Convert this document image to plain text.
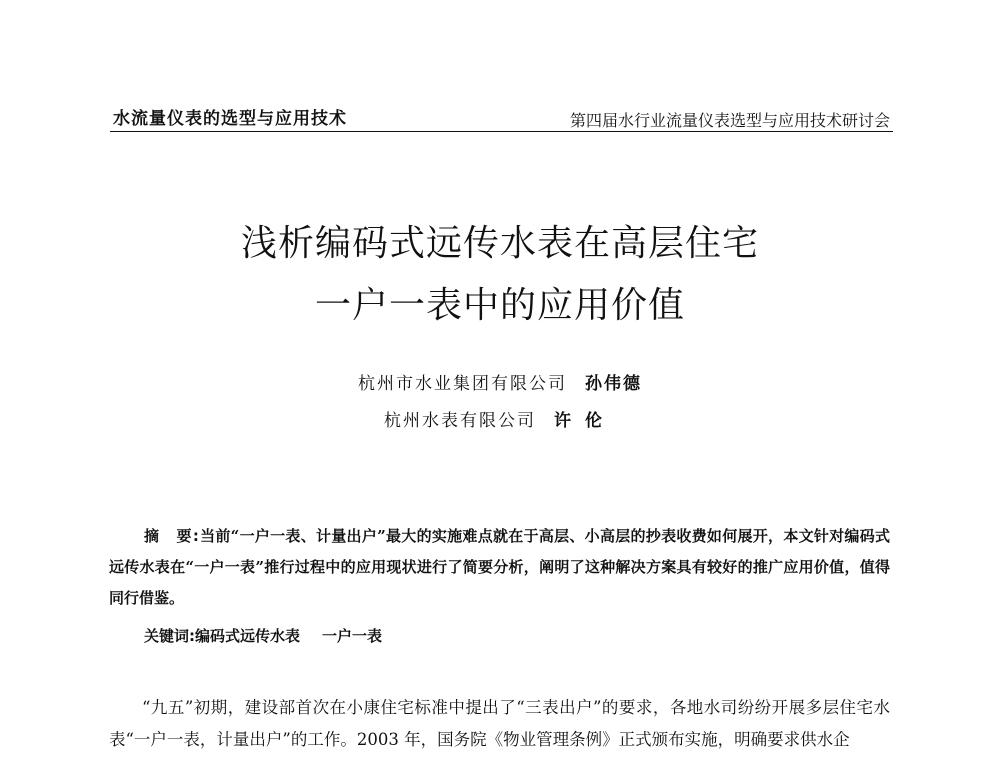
水流量仪表的选型与应用技术	第四届水行业流量仪表选型与应用技术研讨会
浅析编码式远传水表在高层住宅
一户一表中的应用价值
杭州市水业集团有限公司 孙伟德
杭州水表有限公司 许伦
摘　要:当前“一户一表、计量出户”最大的实施难点就在于高层、小高层的抄表收费如何展开，本文针对编码式远传水表在“一户一表”推行过程中的应用现状进行了简要分析，阐明了这种解决方案具有较好的推广应用价值，值得同行借鉴。
关键词:编码式远传水表 一户一表
“九五”初期，建设部首次在小康住宅标准中提出了“三表出户”的要求，各地水司纷纷开展多层住宅水表“一户一表，计量出户”的工作。2003 年，国务院《物业管理条例》正式颁布实施，明确要求供水企
